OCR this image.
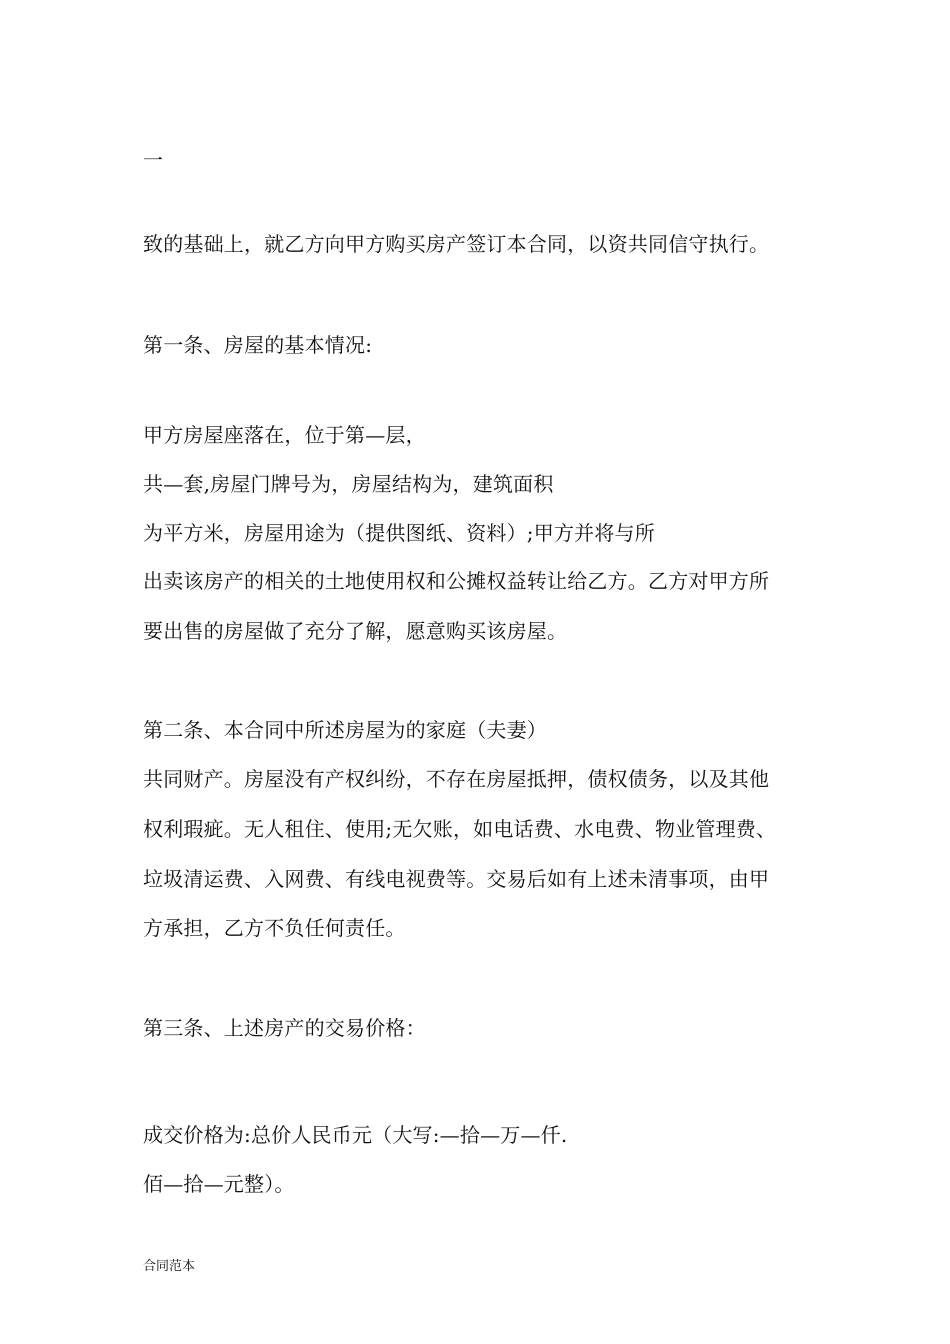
一
致的基础上，就乙方向甲方购买房产签订本合同，以资共同信守执行。
第一条、房屋的基本情况:
甲方房屋座落在，位于第—层，
共—套,房屋门牌号为，房屋结构为，建筑面积
为平方米，房屋用途为（提供图纸、资料）;甲方并将与所
出卖该房产的相关的土地使用权和公摊权益转让给乙方。乙方对甲方所
要出售的房屋做了充分了解，愿意购买该房屋。
第二条、本合同中所述房屋为的家庭（夫妻）
共同财产。房屋没有产权纠纷，不存在房屋抵押，债权债务，以及其他
权利瑕疵。无人租住、使用;无欠账，如电话费、水电费、物业管理费、
垃圾清运费、入网费、有线电视费等。交易后如有上述未清事项，由甲
方承担，乙方不负任何责任。
第三条、上述房产的交易价格：
成交价格为:总价人民币元（大写:—拾—万—仟.
佰—拾—元整）。
合同范本
